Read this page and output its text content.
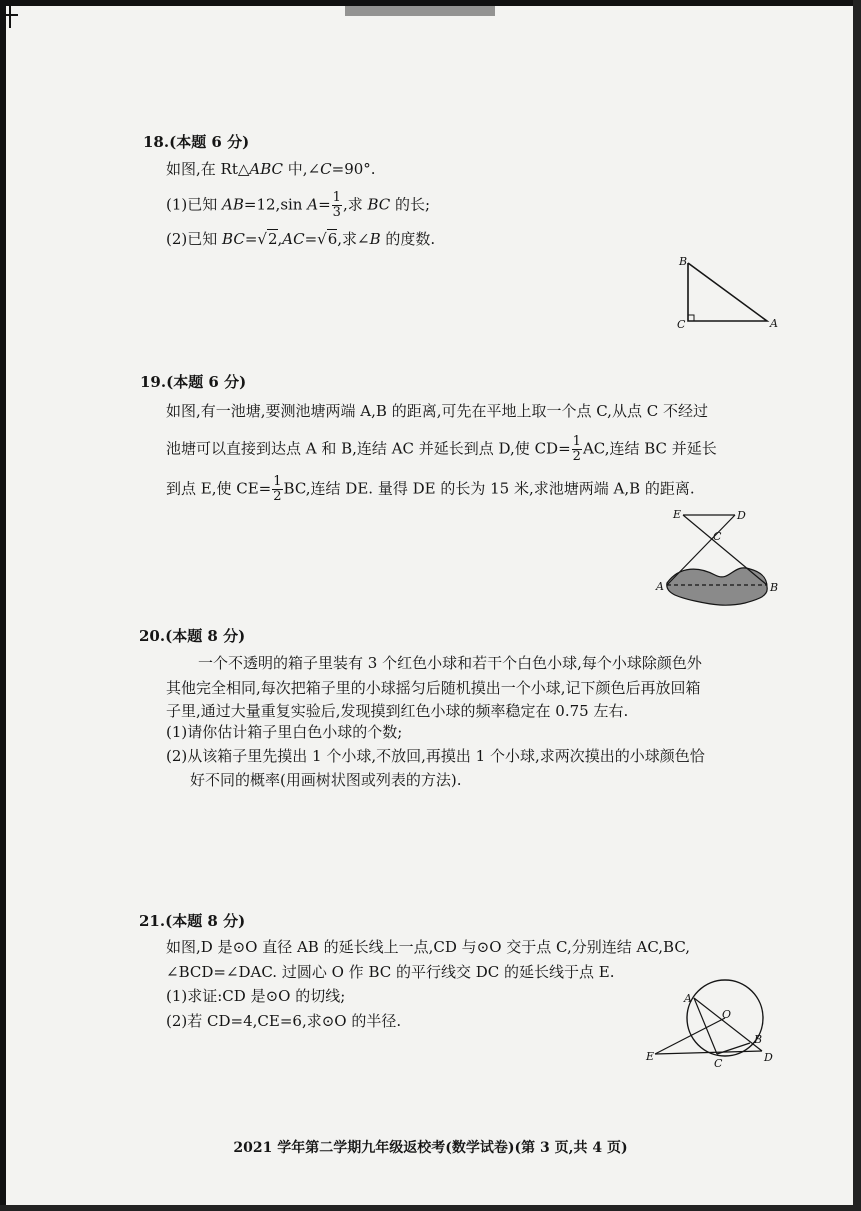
18.(本题 6 分)
如图,在 Rt△ABC 中,∠C=90°.
(1)已知 AB=12,sin $A= \frac{1}{3}$ ,求 BC 的长;
(2)已知 BC=√2,AC=√6,求∠B 的度数.
B
C	A
19.(本题 6 分)
如图,有一池塘,要测池塘两端 A,B 的距离,可先在平地上取一个点 C,从点 C 不经过
池塘可以直接到达点 A 和 B,连结 AC 并延长到点 D,使 $CD= \frac{1}{2}$ AC,连结 BC 并延长
到点 E,使 $CE= \frac{1}{2}$ BC,连结 DE. 量得 DE 的长为 15 米,求池塘两端 A,B 的距离.
E	D
C
A	B
20.(本题 8 分)
一个不透明的箱子里装有 3 个红色小球和若干个白色小球,每个小球除颜色外
其他完全相同,每次把箱子里的小球摇匀后随机摸出一个小球,记下颜色后再放回箱
子里,通过大量重复实验后,发现摸到红色小球的频率稳定在 0.75 左右.
(1)请你估计箱子里白色小球的个数;
(2)从该箱子里先摸出 1 个小球,不放回,再摸出 1 个小球,求两次摸出的小球颜色恰
好不同的概率(用画树状图或列表的方法).
21.(本题 8 分)
如图,D 是⊙O 直径 AB 的延长线上一点,CD 与⊙O 交于点 C,分别连结 AC,BC,
∠BCD=∠DAC. 过圆心 O 作 BC 的平行线交 DC 的延长线于点 E.
(1)求证:CD 是⊙O 的切线;
(2)若 CD=4,CE=6,求⊙O 的半径.
A
O
B
E
C	D
2021 学年第二学期九年级返校考(数学试卷)(第 3 页,共 4 页)
